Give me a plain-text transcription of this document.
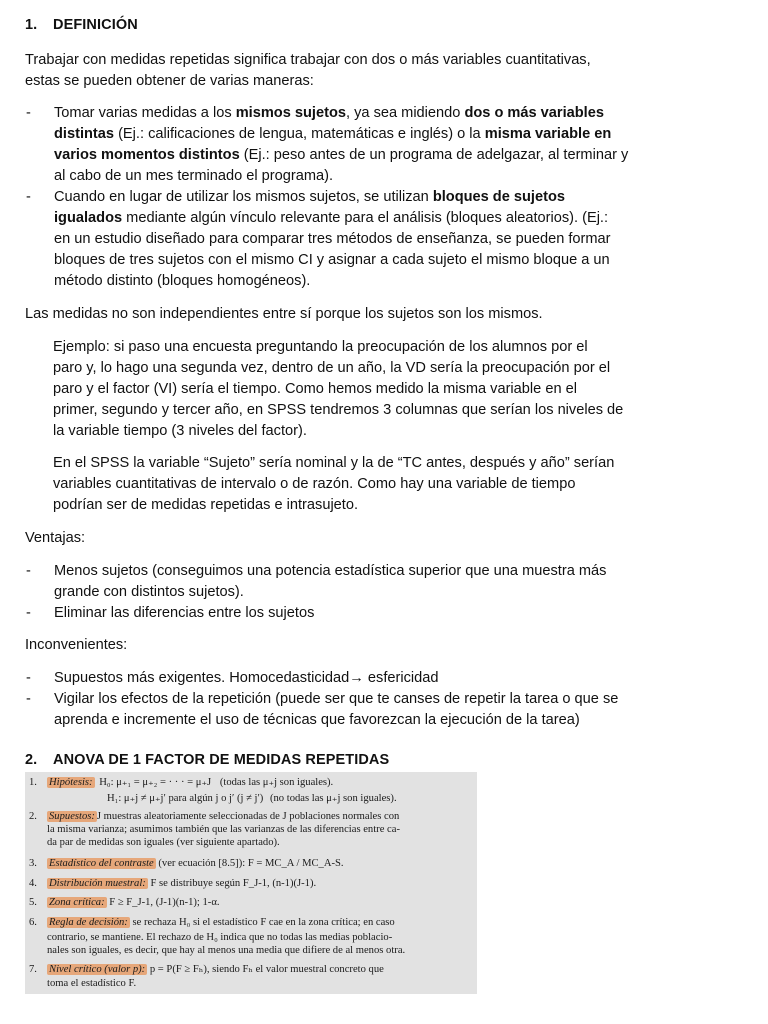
1. DEFINICIÓN
Trabajar con medidas repetidas significa trabajar con dos o más variables cuantitativas,
estas se pueden obtener de varias maneras:
- Tomar varias medidas a los mismos sujetos, ya sea midiendo dos o más variables
distintas (Ej.: calificaciones de lengua, matemáticas e inglés) o la misma variable en
varios momentos distintos (Ej.: peso antes de un programa de adelgazar, al terminar y
al cabo de un mes terminado el programa).
- Cuando en lugar de utilizar los mismos sujetos, se utilizan bloques de sujetos
igualados mediante algún vínculo relevante para el análisis (bloques aleatorios). (Ej.:
en un estudio diseñado para comparar tres métodos de enseñanza, se pueden formar
bloques de tres sujetos con el mismo CI y asignar a cada sujeto el mismo bloque a un
método distinto (bloques homogéneos).
Las medidas no son independientes entre sí porque los sujetos son los mismos.
Ejemplo: si paso una encuesta preguntando la preocupación de los alumnos por el
paro y, lo hago una segunda vez, dentro de un año, la VD sería la preocupación por el
paro y el factor (VI) sería el tiempo. Como hemos medido la misma variable en el
primer, segundo y tercer año, en SPSS tendremos 3 columnas que serían los niveles de
la variable tiempo (3 niveles del factor).
En el SPSS la variable “Sujeto” sería nominal y la de “TC antes, después y año” serían
variables cuantitativas de intervalo o de razón. Como hay una variable de tiempo
podrían ser de medidas repetidas e intrasujeto.
Ventajas:
- Menos sujetos (conseguimos una potencia estadística superior que una muestra más
grande con distintos sujetos).
- Eliminar las diferencias entre los sujetos
Inconvenientes:
- Supuestos más exigentes. Homocedasticidad→ esfericidad
- Vigilar los efectos de la repetición (puede ser que te canses de repetir la tarea o que se
aprenda e incremente el uso de técnicas que favorezcan la ejecución de la tarea)
2. ANOVA DE 1 FACTOR DE MEDIDAS REPETIDAS
1. Hipótesis: H₀: μ₊₁ = μ₊₂ = · · · = μ₊J (todas las μ₊j son iguales).
H₁: μ₊j ≠ μ₊j′ para algún j o j′ (j ≠ j′) (no todas las μ₊j son iguales).
2. Supuestos: J muestras aleatoriamente seleccionadas de J poblaciones normales con
la misma varianza; asumimos también que las varianzas de las diferencias entre ca-
da par de medidas son iguales (ver siguiente apartado).
3. Estadístico del contraste (ver ecuación [8.5]): F = MC_A / MC_A-S.
4. Distribución muestral: F se distribuye según F_J-1, (n-1)(J-1).
5. Zona crítica: F ≥ F_J-1, (J-1)(n-1); 1-α.
6. Regla de decisión: se rechaza H₀ si el estadístico F cae en la zona crítica; en caso
contrario, se mantiene. El rechazo de H₀ indica que no todas las medias poblacio-
nales son iguales, es decir, que hay al menos una media que difiere de al menos otra.
7. Nivel crítico (valor p): p = P(F ≥ Fₕ), siendo Fₕ el valor muestral concreto que
toma el estadístico F.
